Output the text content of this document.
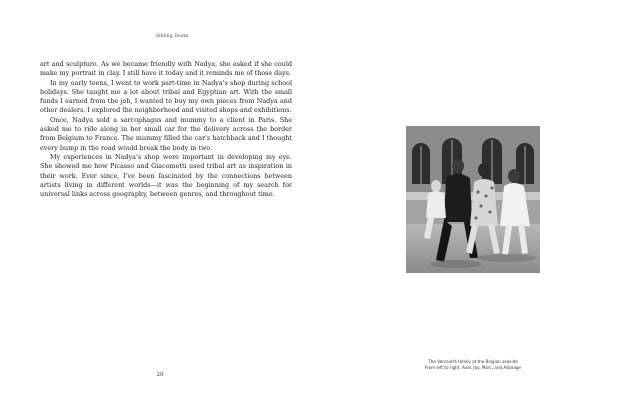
Sibling Doom

art and sculpture. As we became friendly with Nadya, she asked if she could make my portrait in clay. I still have it today and it reminds me of those days.

In my early teens, I went to work part-time in Nadya's shop during school holidays. She taught me a lot about tribal and Egyptian art. With the small funds I earned from the job, I wanted to buy my own pieces from Nadya and other dealers. I explored the neighborhood and visited shops and exhibitions.

Once, Nadya sold a sarcophagus and mummy to a client in Paris. She asked me to ride along in her small car for the delivery across the border from Belgium to France. The mummy filled the car's hatchback and I thought every bump in the road would break the body in two.

My experiences in Nadya's shop were important in developing my eye. She showed me how Picasso and Giacometti used tribal art as inspiration in their work. Ever since, I've been fascinated by the connections between artists living in different worlds—it was the beginning of my search for universal links across geography, between genres, and throughout time.

20
The Vercoutré family at the Belgian seaside
From left to right: Axel, Jos, Marc, and Asbeage
